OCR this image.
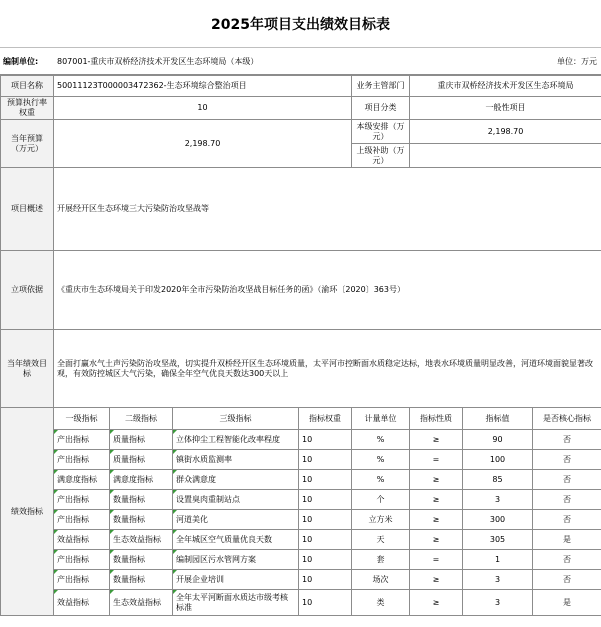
2025年项目支出绩效目标表
编制单位:	807001-重庆市双桥经济技术开发区生态环境局（本级）	单位：万元
项目名称	50011123T000003472362-生态环境综合整治项目				业务主管部门	重庆市双桥经济技术开发区生态环境局		
预算执行率权重	10				项目分类	一般性项目		
当年预算（万元）	2,198.70				本级安排（万元）	2,198.70		
					上级补助（万元）			
项目概述	开展经开区生态环境三大污染防治攻坚战等							
立项依据	《重庆市生态环境局关于印发2020年全市污染防治攻坚战目标任务的函》（渝环〔2020〕363号）							
当年绩效目标	全面打赢水气土声污染防治攻坚战，切实提升双桥经开区生态环境质量，太平河市控断面水质稳定达标，地表水环境质量明显改善，河道环境面貌显著改观，有效防控城区大气污染，确保全年空气优良天数达300天以上							
绩效指标	一级指标	二级指标	三级指标	指标权重	计量单位	指标性质	指标值	是否核心指标
	产出指标	质量指标	立体抑尘工程智能化改率程度	10	%	≥	90	否
	产出指标	质量指标	镇街水质监测率	10	%	=	100	否
	满意度指标	满意度指标	群众满意度	10	%	≥	85	否
	产出指标	数量指标	设置臭肉重制站点	10	个	≥	3	否
	产出指标	数量指标	河道美化	10	立方米	≥	300	否
	效益指标	生态效益指标	全年城区空气质量优良天数	10	天	≥	305	是
	产出指标	数量指标	编制园区污水管网方案	10	套	=	1	否
	产出指标	数量指标	开展企业培训	10	场次	≥	3	否
	效益指标	生态效益指标	全年太平河断面水质达市级考核标准	10	类	≥	3	是
